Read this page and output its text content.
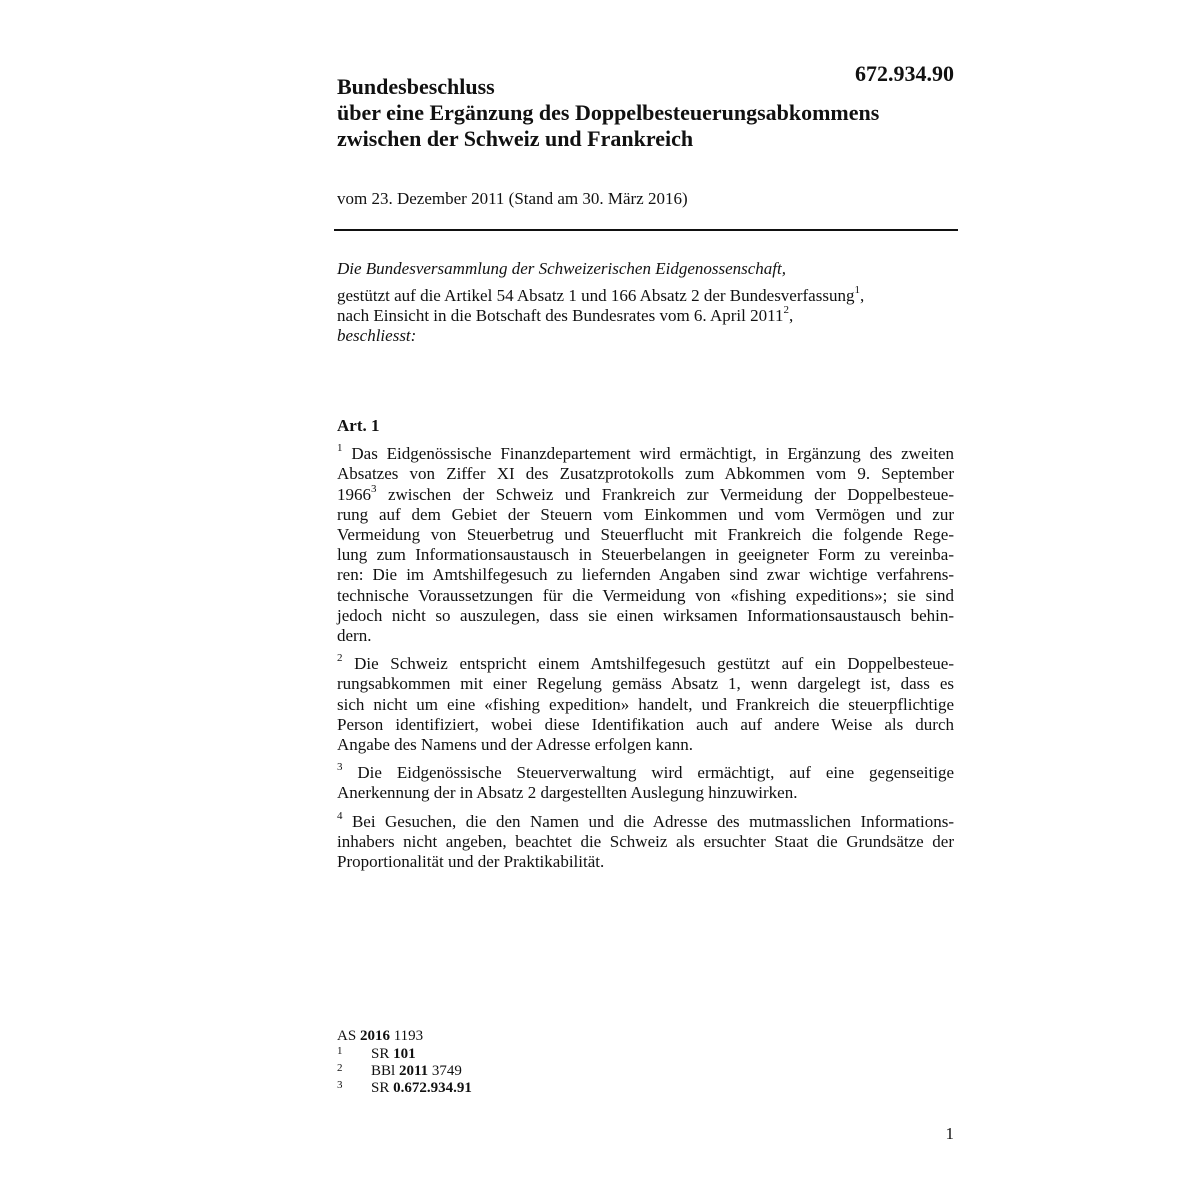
672.934.90
Bundesbeschluss
über eine Ergänzung des Doppelbesteuerungsabkommens
zwischen der Schweiz und Frankreich
vom 23. Dezember 2011 (Stand am 30. März 2016)
Die Bundesversammlung der Schweizerischen Eidgenossenschaft,
gestützt auf die Artikel 54 Absatz 1 und 166 Absatz 2 der Bundesverfassung$^1$,
nach Einsicht in die Botschaft des Bundesrates vom 6. April 2011$^2$,
beschliesst:
Art. 1
$^1$ Das Eidgenössische Finanzdepartement wird ermächtigt, in Ergänzung des zweiten
Absatzes von Ziffer XI des Zusatzprotokolls zum Abkommen vom 9. September
1966$^3$ zwischen der Schweiz und Frankreich zur Vermeidung der Doppelbesteue-
rung auf dem Gebiet der Steuern vom Einkommen und vom Vermögen und zur
Vermeidung von Steuerbetrug und Steuerflucht mit Frankreich die folgende Rege-
lung zum Informationsaustausch in Steuerbelangen in geeigneter Form zu vereinba-
ren: Die im Amtshilfegesuch zu liefernden Angaben sind zwar wichtige verfahrens-
technische Voraussetzungen für die Vermeidung von «fishing expeditions»; sie sind
jedoch nicht so auszulegen, dass sie einen wirksamen Informationsaustausch behin-
dern.
$^2$ Die Schweiz entspricht einem Amtshilfegesuch gestützt auf ein Doppelbesteue-
rungsabkommen mit einer Regelung gemäss Absatz 1, wenn dargelegt ist, dass es
sich nicht um eine «fishing expedition» handelt, und Frankreich die steuerpflichtige
Person identifiziert, wobei diese Identifikation auch auf andere Weise als durch
Angabe des Namens und der Adresse erfolgen kann.
$^3$ Die Eidgenössische Steuerverwaltung wird ermächtigt, auf eine gegenseitige
Anerkennung der in Absatz 2 dargestellten Auslegung hinzuwirken.
$^4$ Bei Gesuchen, die den Namen und die Adresse des mutmasslichen Informations-
inhabers nicht angeben, beachtet die Schweiz als ersuchter Staat die Grundsätze der
Proportionalität und der Praktikabilität.
AS 2016 1193
1 SR 101
2 BBl 2011 3749
3 SR 0.672.934.91
1
